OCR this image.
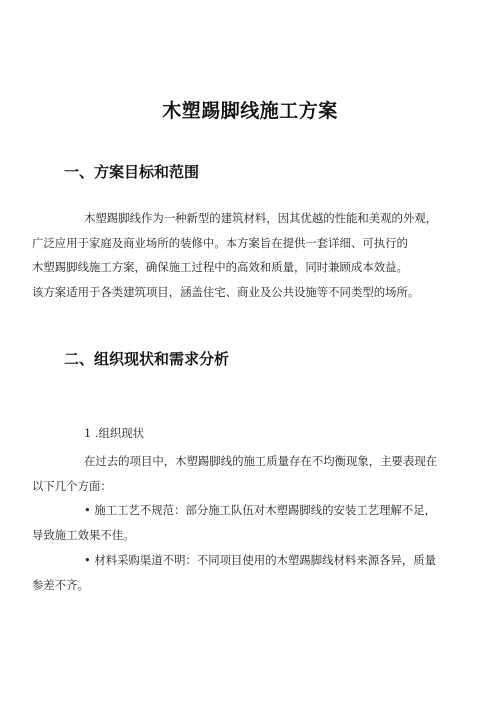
木塑踢脚线施工方案
一、方案目标和范围

木塑踢脚线作为一种新型的建筑材料，因其优越的性能和美观的外观，
广泛应用于家庭及商业场所的装修中。本方案旨在提供一套详细、可执行的
木塑踢脚线施工方案，确保施工过程中的高效和质量，同时兼顾成本效益。
该方案适用于各类建筑项目，涵盖住宅、商业及公共设施等不同类型的场所。

二、组织现状和需求分析

1 .组织现状

在过去的项目中，木塑踢脚线的施工质量存在不均衡现象，主要表现在
以下几个方面：

• 施工工艺不规范：部分施工队伍对木塑踢脚线的安装工艺理解不足，
导致施工效果不佳。

• 材料采购渠道不明：不同项目使用的木塑踢脚线材料来源各异，质量
参差不齐。
